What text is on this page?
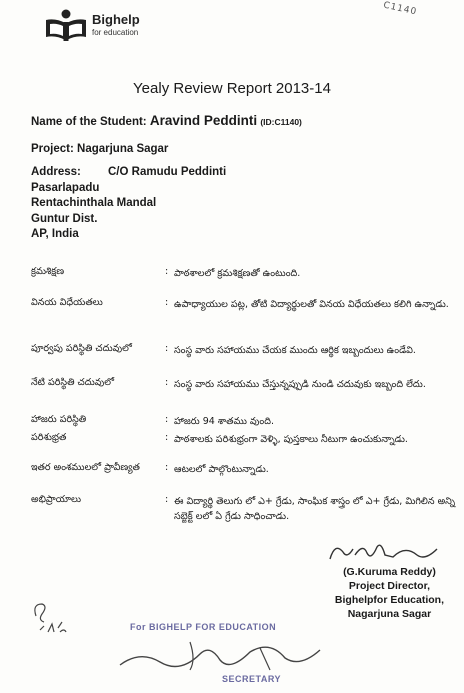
Bighelp
for education
C1140
Yealy Review Report 2013-14
Name of the Student: Aravind Peddinti (ID:C1140)
Project: Nagarjuna Sagar
Address:	C/O Ramudu Peddinti
Pasarlapadu
Rentachinthala Mandal
Guntur Dist.
AP, India
క్రమశిక్షణ	: పాఠశాలలో క్రమశిక్షణతో ఉంటుంది.
వినయ విధేయతలు	: ఉపాధ్యాయుల పట్ల, తోటి విద్యార్థులతో వినయ విధేయతలు కలిగి ఉన్నాడు.
పూర్వపు పరిస్థితి చదువులో	: సంస్థ వారు సహాయము చేయక ముందు ఆర్థిక ఇబ్బందులు ఉండేవి.
నేటి పరిస్థితి చదువులో	: సంస్థ వారు సహాయము చేస్తున్నప్పుడి నుండి చదువుకు ఇబ్బంది లేదు.
హాజరు పరిస్థితి	: హాజరు 94 శాతము వుంది.
పరిశుభ్రత	: పాఠశాలకు పరిశుభ్రంగా వెళ్ళి, పుస్తకాలు నీటుగా ఉంచుకున్నాడు.
ఇతర అంశములలో ప్రావీణ్యత	: ఆటలలో పాల్గొంటున్నాడు.
అభిప్రాయాలు	: ఈ విద్యార్థి తెలుగు లో ఎ+ గ్రేడు, సాంఘిక శాస్త్రం లో ఎ+ గ్రేడు, మిగిలిన అన్ని సబ్జెక్ట్ లలో ఏ గ్రేడు సాధించాడు.
(G.Kuruma Reddy)
Project Director,
Bighelpfor Education,
Nagarjuna Sagar
For BIGHELP FOR EDUCATION
SECRETARY
